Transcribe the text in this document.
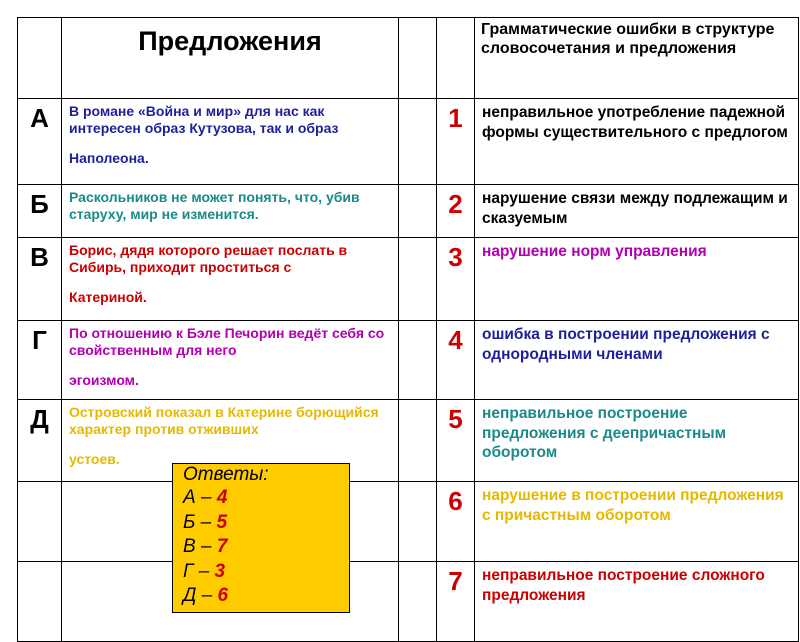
	Предложения			Грамматические ошибки в структуре словосочетания и предложения
А	В романе «Война и мир» для нас как интересен образ Кутузова, так и образ
Наполеона.		1	неправильное употребление падежной формы существительного с предлогом
Б	Раскольников не может понять, что, убив старуху, мир не изменится.		2	нарушение связи между подлежащим и сказуемым
В	Борис, дядя которого решает послать в Сибирь, приходит проститься с
Катериной.		3	нарушение норм управления
Г	По отношению к Бэле Печорин ведёт себя со свойственным для него
эгоизмом.		4	ошибка в построении предложения с однородными членами
Д	Островский показал в Катерине борющийся характер против отживших
устоев.		5	неправильное построение предложения с деепричастным оборотом
			6	нарушение в построении предложения с причастным оборотом
			7	неправильное построение сложного предложения
Ответы:
А – 4
Б – 5
В – 7
Г – 3
Д – 6
